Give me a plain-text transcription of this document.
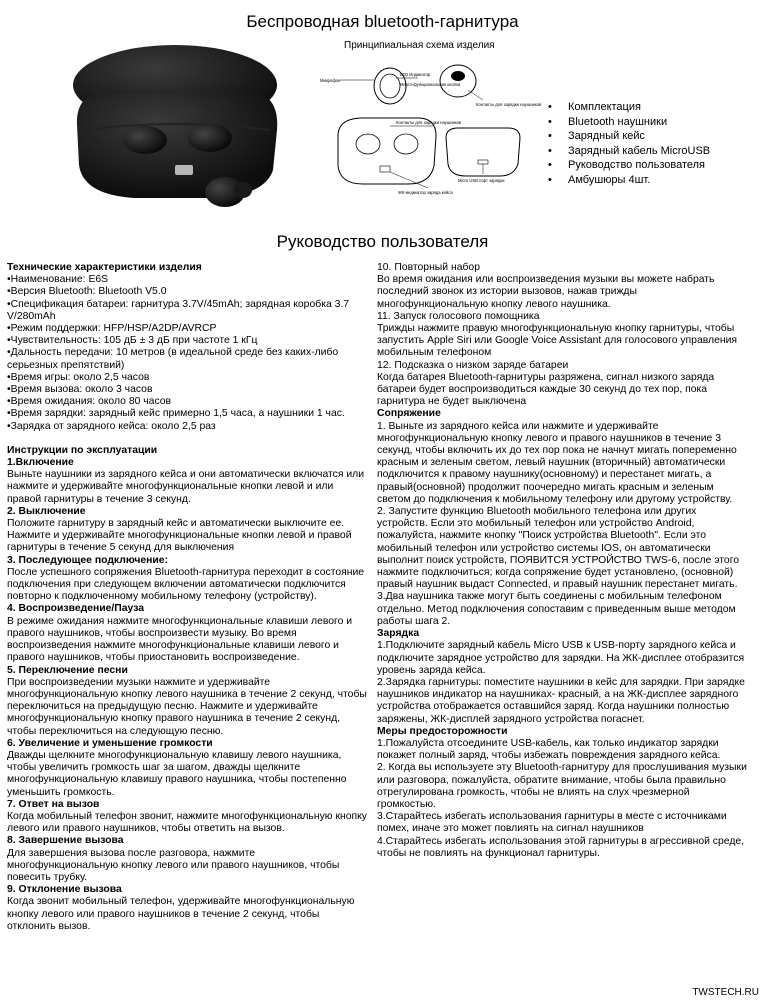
Беспроводная bluetooth-гарнитура
Принципиальная схема изделия
Микрофон
LED Индикатор
Много-функциональная кнопка
Контакты для зарядки наушников
Контакты для зарядки наушников
ЖК-индикатор заряда кейса
Micro USB порт зарядки
• Комплектация
• Bluetooth наушники
• Зарядный кейс
• Зарядный кабель MicroUSB
• Руководство пользователя
• Амбушюры 4шт.
Руководство пользователя

Технические характеристики изделия

•Наименование: E6S

•Версия Bluetooth: Bluetooth V5.0

•Спецификация батареи: гарнитура 3.7V/45mAh; зарядная коробка 3.7 V/280mAh

•Режим поддержки: HFP/HSP/A2DP/AVRCP

•Чувствительность: 105 дБ ± 3 дБ при частоте 1 кГц

•Дальность передачи: 10 метров (в идеальной среде без каких-либо серьезных препятствий)

•Время игры: около 2,5 часов

•Время вызова: около 3 часов

•Время ожидания: около 80 часов

•Время зарядки: зарядный кейс примерно 1,5 часа, а наушники 1 час.

•Зарядка от зарядного кейса: около 2,5 раз

Инструкции по эксплуатации

1.Включение

Выньте наушники из зарядного кейса и они автоматически включатся или нажмите и удерживайте многофункциональные кнопки левой и или правой гарнитуры в течение 3 секунд.

2. Выключение

Положите гарнитуру в зарядный кейс и автоматически выключите ее. Нажмите и удерживайте многофункциональные кнопки левой и правой гарнитуры в течение 5 секунд для выключения

3. Последующее подключение:

После успешного сопряжения Bluetooth-гарнитура переходит в состояние подключения при следующем включении автоматически подключится повторно к подключенному мобильному телефону (устройству).

4. Воспроизведение/Пауза

В режиме ожидания нажмите многофункциональные клавиши левого и правого наушников, чтобы воспроизвести музыку. Во время воспроизведения нажмите многофункциональные клавиши левого и правого наушников, чтобы приостановить воспроизведение.

5. Переключение песни

При воспроизведении музыки нажмите и удерживайте многофункциональную кнопку левого наушника в течение 2 секунд, чтобы переключиться на предыдущую песню. Нажмите и удерживайте многофункциональную кнопку правого наушника в течение 2 секунд, чтобы переключиться на следующую песню.

6. Увеличение и уменьшение громкости

Дважды щелкните многофункциональную клавишу левого наушника, чтобы увеличить громкость шаг за шагом, дважды щелкните многофункциональную клавишу правого наушника, чтобы постепенно уменьшить громкость.

7. Ответ на вызов

Когда мобильный телефон звонит, нажмите многофункциональную кнопку левого или правого наушников, чтобы ответить на вызов.

8. Завершение вызова

Для завершения вызова после разговора, нажмите многофункциональную кнопку левого или правого наушников, чтобы повесить трубку.

9. Отклонение вызова

Когда звонит мобильный телефон, удерживайте многофункциональную кнопку левого или правого наушников в течение 2 секунд, чтобы отклонить вызов.

10. Повторный набор

Во время ожидания или воспроизведения музыки вы можете набрать последний звонок из истории вызовов, нажав трижды многофункциональную кнопку левого наушника.

11. Запуск голосового помощника

Трижды нажмите правую многофункциональную кнопку гарнитуры, чтобы запустить Apple Siri или Google Voice Assistant для голосового управления мобильным телефоном

12. Подсказка о низком заряде батареи

Когда батарея Bluetooth-гарнитуры разряжена, сигнал низкого заряда батареи будет воспроизводиться каждые 30 секунд до тех пор, пока гарнитура не будет выключена

Сопряжение

1. Выньте из зарядного кейса или нажмите и удерживайте многофункциональную кнопку левого и правого наушников в течение 3 секунд, чтобы включить их до тех пор пока не начнут мигать попеременно красным и зеленым светом, левый наушник (вторичный) автоматически подключится к правому наушнику(основному) и перестанет мигать, а правый(основной) продолжит поочередно мигать красным и зеленым светом до подключения к мобильному телефону или другому устройству.

2. Запустите функцию Bluetooth мобильного телефона или других устройств. Если это мобильный телефон или устройство Android, пожалуйста, нажмите кнопку "Поиск устройства Bluetooth". Если это мобильный телефон или устройство системы IOS, он автоматически выполнит поиск устройств, ПОЯВИТСЯ УСТРОЙСТВО TWS-6, после этого нажмите подключиться; когда сопряжение будет установлено, (основной) правый наушник выдаст Connected, и правый наушник перестанет мигать.

3.Два наушника также могут быть соединены с мобильным телефоном отдельно. Метод подключения сопоставим с приведенным выше методом работы шага 2.

Зарядка

1.Подключите зарядный кабель Micro USB к USB-порту зарядного кейса и подключите зарядное устройство для зарядки. На ЖК-дисплее отобразится уровень заряда кейса.

2.Зарядка гарнитуры: поместите наушники в кейс для зарядки. При зарядке наушников индикатор на наушниках- красный, а на ЖК-дисплее зарядного устройства отображается оставшийся заряд. Когда наушники полностью заряжены, ЖК-дисплей зарядного устройства погаснет.

Меры предосторожности

1.Пожалуйста отсоедините USB-кабель, как только индикатор зарядки покажет полный заряд, чтобы избежать повреждения зарядного кейса.

2. Когда вы используете эту Bluetooth-гарнитуру для прослушивания музыки или разговора, пожалуйста, обратите внимание, чтобы была правильно отрегулирована громкость, чтобы не влиять на слух чрезмерной громкостью.

3.Старайтесь избегать использования гарнитуры в месте с источниками помех, иначе это может повлиять на сигнал наушников

4.Старайтесь избегать использования этой гарнитуры в агрессивной среде, чтобы не повлиять на функционал гарнитуры.

TWSTECH.RU
